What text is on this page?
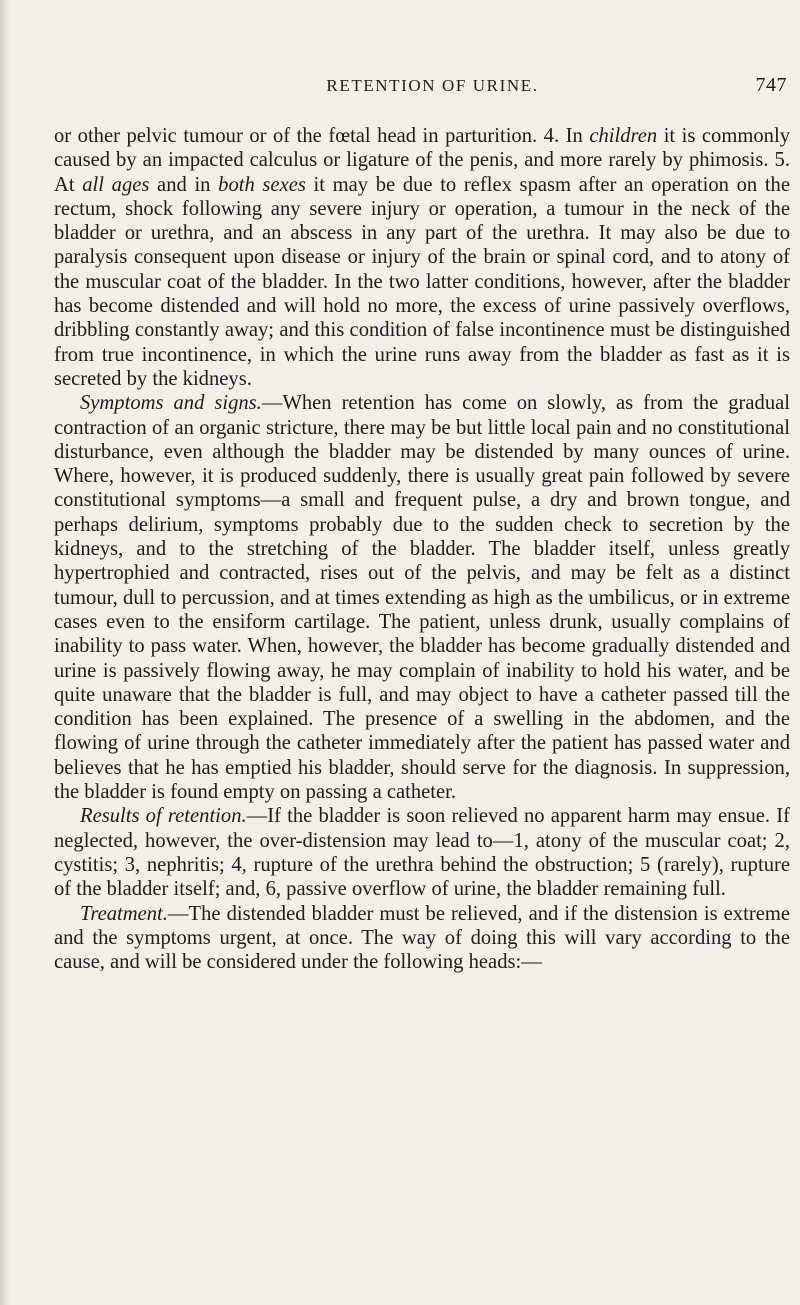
RETENTION OF URINE.	747

or other pelvic tumour or of the fœtal head in parturition. 4. In children it is commonly caused by an impacted calculus or ligature of the penis, and more rarely by phimosis. 5. At all ages and in both sexes it may be due to reflex spasm after an operation on the rectum, shock following any severe injury or operation, a tumour in the neck of the bladder or urethra, and an abscess in any part of the urethra. It may also be due to paralysis consequent upon disease or injury of the brain or spinal cord, and to atony of the muscular coat of the bladder. In the two latter conditions, however, after the bladder has become distended and will hold no more, the excess of urine passively overflows, dribbling constantly away; and this condition of false incontinence must be distinguished from true incontinence, in which the urine runs away from the bladder as fast as it is secreted by the kidneys.

Symptoms and signs.—When retention has come on slowly, as from the gradual contraction of an organic stricture, there may be but little local pain and no constitutional disturbance, even although the bladder may be distended by many ounces of urine. Where, however, it is produced suddenly, there is usually great pain followed by severe constitutional symptoms—a small and frequent pulse, a dry and brown tongue, and perhaps delirium, symptoms probably due to the sudden check to secretion by the kidneys, and to the stretching of the bladder. The bladder itself, unless greatly hypertrophied and contracted, rises out of the pelvis, and may be felt as a distinct tumour, dull to percussion, and at times extending as high as the umbilicus, or in extreme cases even to the ensiform cartilage. The patient, unless drunk, usually complains of inability to pass water. When, however, the bladder has become gradually distended and urine is passively flowing away, he may complain of inability to hold his water, and be quite unaware that the bladder is full, and may object to have a catheter passed till the condition has been explained. The presence of a swelling in the abdomen, and the flowing of urine through the catheter immediately after the patient has passed water and believes that he has emptied his bladder, should serve for the diagnosis. In suppression, the bladder is found empty on passing a catheter.

Results of retention.—If the bladder is soon relieved no apparent harm may ensue. If neglected, however, the over-distension may lead to—1, atony of the muscular coat; 2, cystitis; 3, nephritis; 4, rupture of the urethra behind the obstruction; 5 (rarely), rupture of the bladder itself; and, 6, passive overflow of urine, the bladder remaining full.

Treatment.—The distended bladder must be relieved, and if the distension is extreme and the symptoms urgent, at once. The way of doing this will vary according to the cause, and will be considered under the following heads:—
